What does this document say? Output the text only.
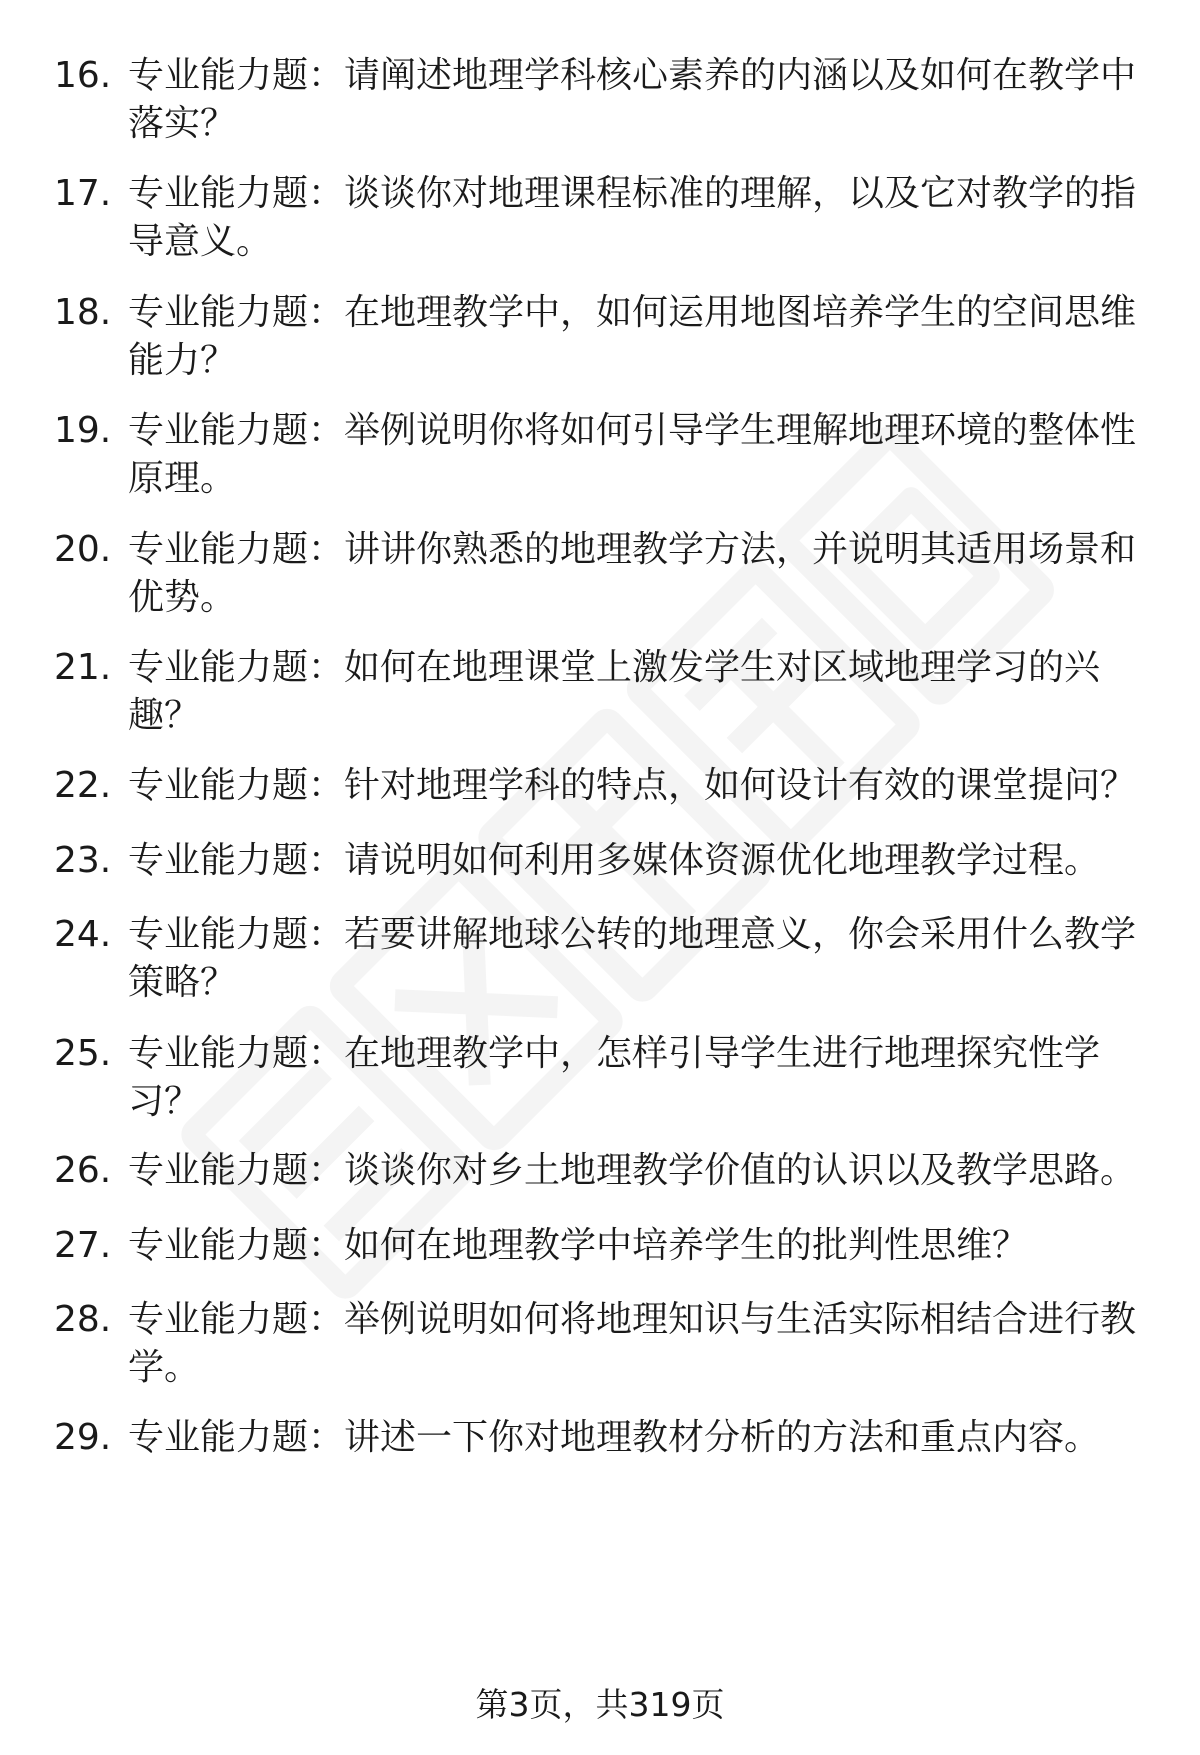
16. 专业能力题：请阐述地理学科核心素养的内涵以及如何在教学中
落实？
17. 专业能力题：谈谈你对地理课程标准的理解，以及它对教学的指
导意义。
18. 专业能力题：在地理教学中，如何运用地图培养学生的空间思维
能力？
19. 专业能力题：举例说明你将如何引导学生理解地理环境的整体性
原理。
20. 专业能力题：讲讲你熟悉的地理教学方法，并说明其适用场景和
优势。
21. 专业能力题：如何在地理课堂上激发学生对区域地理学习的兴
趣？
22. 专业能力题：针对地理学科的特点，如何设计有效的课堂提问？
23. 专业能力题：请说明如何利用多媒体资源优化地理教学过程。
24. 专业能力题：若要讲解地球公转的地理意义，你会采用什么教学
策略？
25. 专业能力题：在地理教学中，怎样引导学生进行地理探究性学
习？
26. 专业能力题：谈谈你对乡土地理教学价值的认识以及教学思路。
27. 专业能力题：如何在地理教学中培养学生的批判性思维？
28. 专业能力题：举例说明如何将地理知识与生活实际相结合进行教
学。
29. 专业能力题：讲述一下你对地理教材分析的方法和重点内容。
第3页，共319页
